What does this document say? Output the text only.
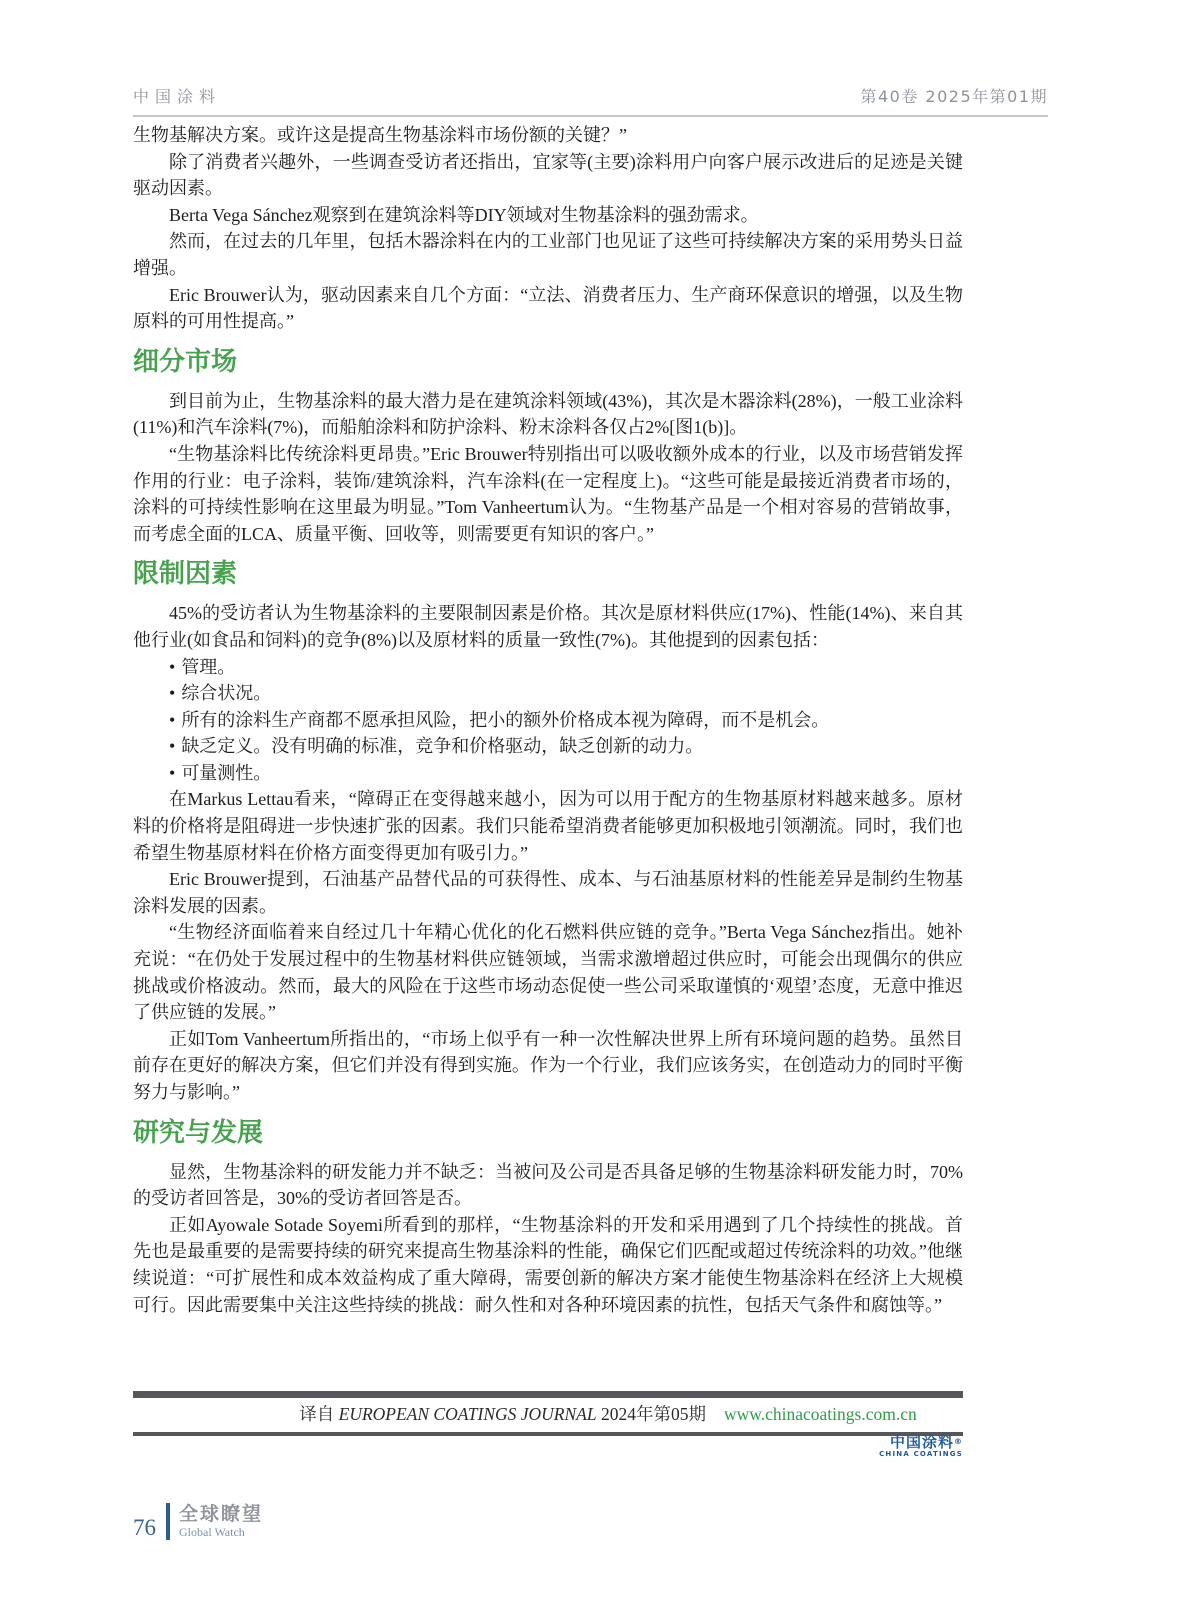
中国涂料	第40卷 2025年第01期

生物基解决方案。或许这是提高生物基涂料市场份额的关键？”

除了消费者兴趣外，一些调查受访者还指出，宜家等(主要)涂料用户向客户展示改进后的足迹是关键驱动因素。

Berta Vega Sánchez观察到在建筑涂料等DIY领域对生物基涂料的强劲需求。

然而，在过去的几年里，包括木器涂料在内的工业部门也见证了这些可持续解决方案的采用势头日益增强。

Eric Brouwer认为，驱动因素来自几个方面：“立法、消费者压力、生产商环保意识的增强，以及生物原料的可用性提高。”

细分市场

到目前为止，生物基涂料的最大潜力是在建筑涂料领域(43%)，其次是木器涂料(28%)，一般工业涂料(11%)和汽车涂料(7%)，而船舶涂料和防护涂料、粉末涂料各仅占2%[图1(b)]。

“生物基涂料比传统涂料更昂贵。”Eric Brouwer特别指出可以吸收额外成本的行业，以及市场营销发挥作用的行业：电子涂料，装饰/建筑涂料，汽车涂料(在一定程度上)。“这些可能是最接近消费者市场的，涂料的可持续性影响在这里最为明显。”Tom Vanheertum认为。“生物基产品是一个相对容易的营销故事，而考虑全面的LCA、质量平衡、回收等，则需要更有知识的客户。”

限制因素

45%的受访者认为生物基涂料的主要限制因素是价格。其次是原材料供应(17%)、性能(14%)、来自其他行业(如食品和饲料)的竞争(8%)以及原材料的质量一致性(7%)。其他提到的因素包括：

• 管理。
• 综合状况。
• 所有的涂料生产商都不愿承担风险，把小的额外价格成本视为障碍，而不是机会。
• 缺乏定义。没有明确的标准，竞争和价格驱动，缺乏创新的动力。
• 可量测性。

在Markus Lettau看来，“障碍正在变得越来越小，因为可以用于配方的生物基原材料越来越多。原材料的价格将是阻碍进一步快速扩张的因素。我们只能希望消费者能够更加积极地引领潮流。同时，我们也希望生物基原材料在价格方面变得更加有吸引力。”

Eric Brouwer提到，石油基产品替代品的可获得性、成本、与石油基原材料的性能差异是制约生物基涂料发展的因素。

“生物经济面临着来自经过几十年精心优化的化石燃料供应链的竞争。”Berta Vega Sánchez指出。她补充说：“在仍处于发展过程中的生物基材料供应链领域，当需求激增超过供应时，可能会出现偶尔的供应挑战或价格波动。然而，最大的风险在于这些市场动态促使一些公司采取谨慎的‘观望’态度，无意中推迟了供应链的发展。”

正如Tom Vanheertum所指出的，“市场上似乎有一种一次性解决世界上所有环境问题的趋势。虽然目前存在更好的解决方案，但它们并没有得到实施。作为一个行业，我们应该务实，在创造动力的同时平衡努力与影响。”

研究与发展

显然，生物基涂料的研发能力并不缺乏：当被问及公司是否具备足够的生物基涂料研发能力时，70%的受访者回答是，30%的受访者回答是否。

正如Ayowale Sotade Soyemi所看到的那样，“生物基涂料的开发和采用遇到了几个持续性的挑战。首先也是最重要的是需要持续的研究来提高生物基涂料的性能，确保它们匹配或超过传统涂料的功效。”他继续说道：“可扩展性和成本效益构成了重大障碍，需要创新的解决方案才能使生物基涂料在经济上大规模可行。因此需要集中关注这些持续的挑战：耐久性和对各种环境因素的抗性，包括天气条件和腐蚀等。”

译自 EUROPEAN COATINGS JOURNAL 2024年第05期 www.chinacoatings.com.cn

中国涂料®
CHINA COATINGS
76
全球瞭望
Global Watch
